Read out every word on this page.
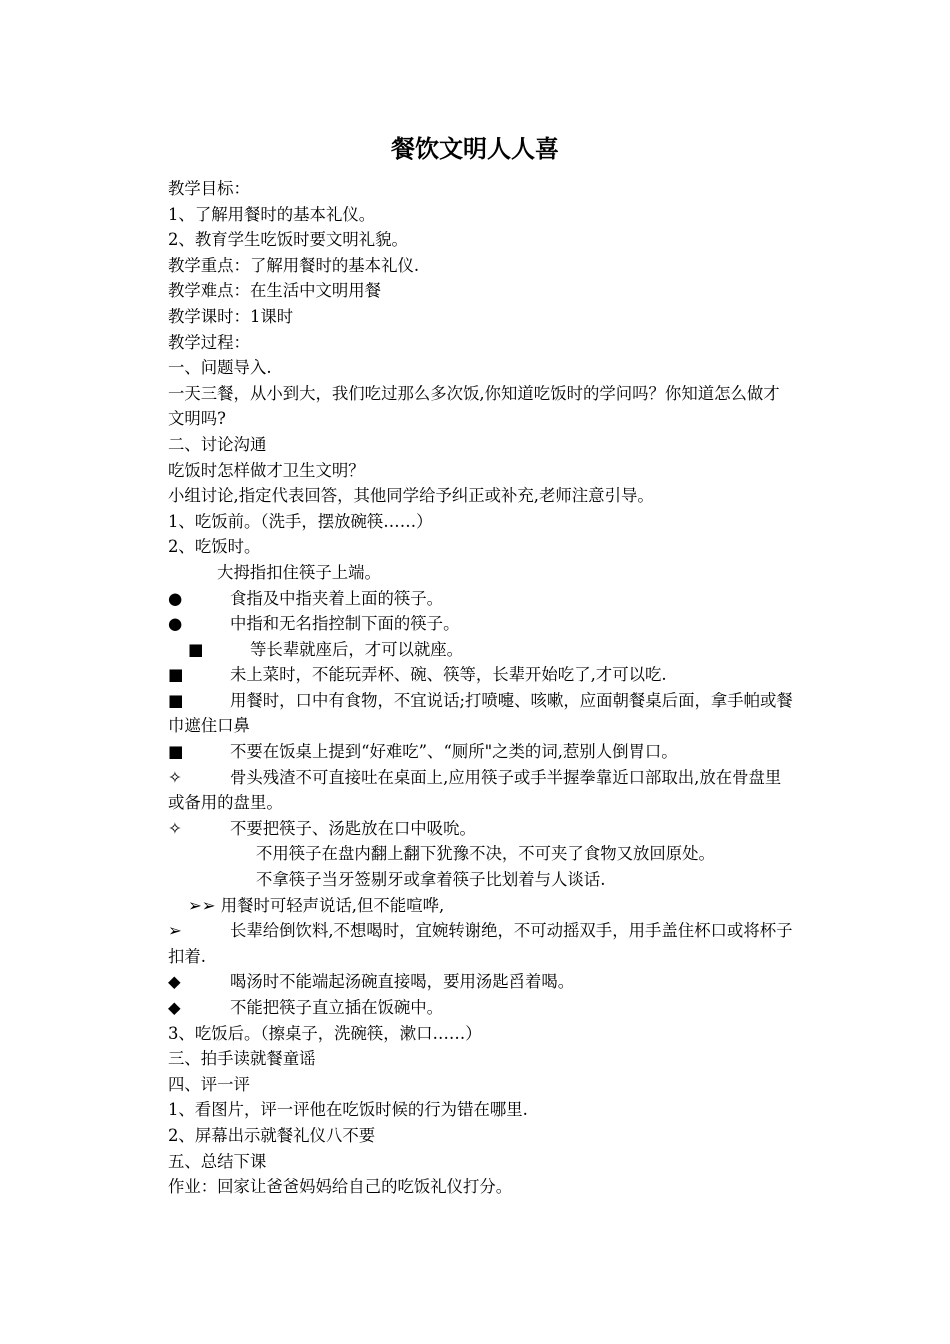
餐饮文明人人喜
教学目标：
1、了解用餐时的基本礼仪。
2、教育学生吃饭时要文明礼貌。
教学重点：了解用餐时的基本礼仪.
教学难点：在生活中文明用餐
教学课时：1课时
教学过程：
一、问题导入.
一天三餐，从小到大，我们吃过那么多次饭,你知道吃饭时的学问吗？你知道怎么做才文明吗?
二、讨论沟通
吃饭时怎样做才卫生文明？
小组讨论,指定代表回答，其他同学给予纠正或补充,老师注意引导。
1、吃饭前。（洗手，摆放碗筷……）
2、吃饭时。
大拇指扣住筷子上端。
●	食指及中指夹着上面的筷子。
●	中指和无名指控制下面的筷子。
■	等长辈就座后，才可以就座。
■	未上菜时，不能玩弄杯、碗、筷等，长辈开始吃了,才可以吃.
■	用餐时，口中有食物，不宜说话;打喷嚏、咳嗽，应面朝餐桌后面，拿手帕或餐巾遮住口鼻
■	不要在饭桌上提到“好难吃”、“厕所"之类的词,惹别人倒胃口。
✧	骨头残渣不可直接吐在桌面上,应用筷子或手半握拳靠近口部取出,放在骨盘里或备用的盘里。
✧	不要把筷子、汤匙放在口中吸吮。
不用筷子在盘内翻上翻下犹豫不决，不可夹了食物又放回原处。
不拿筷子当牙签剔牙或拿着筷子比划着与人谈话.
➢➢ 用餐时可轻声说话,但不能喧哗,
➢	长辈给倒饮料,不想喝时，宜婉转谢绝，不可动摇双手，用手盖住杯口或将杯子扣着.
◆	喝汤时不能端起汤碗直接喝，要用汤匙舀着喝。
◆	不能把筷子直立插在饭碗中。
3、吃饭后。（擦桌子，洗碗筷，漱口……）
三、拍手读就餐童谣
四、评一评
1、看图片，评一评他在吃饭时候的行为错在哪里.
2、屏幕出示就餐礼仪八不要
五、总结下课
作业：回家让爸爸妈妈给自己的吃饭礼仪打分。
